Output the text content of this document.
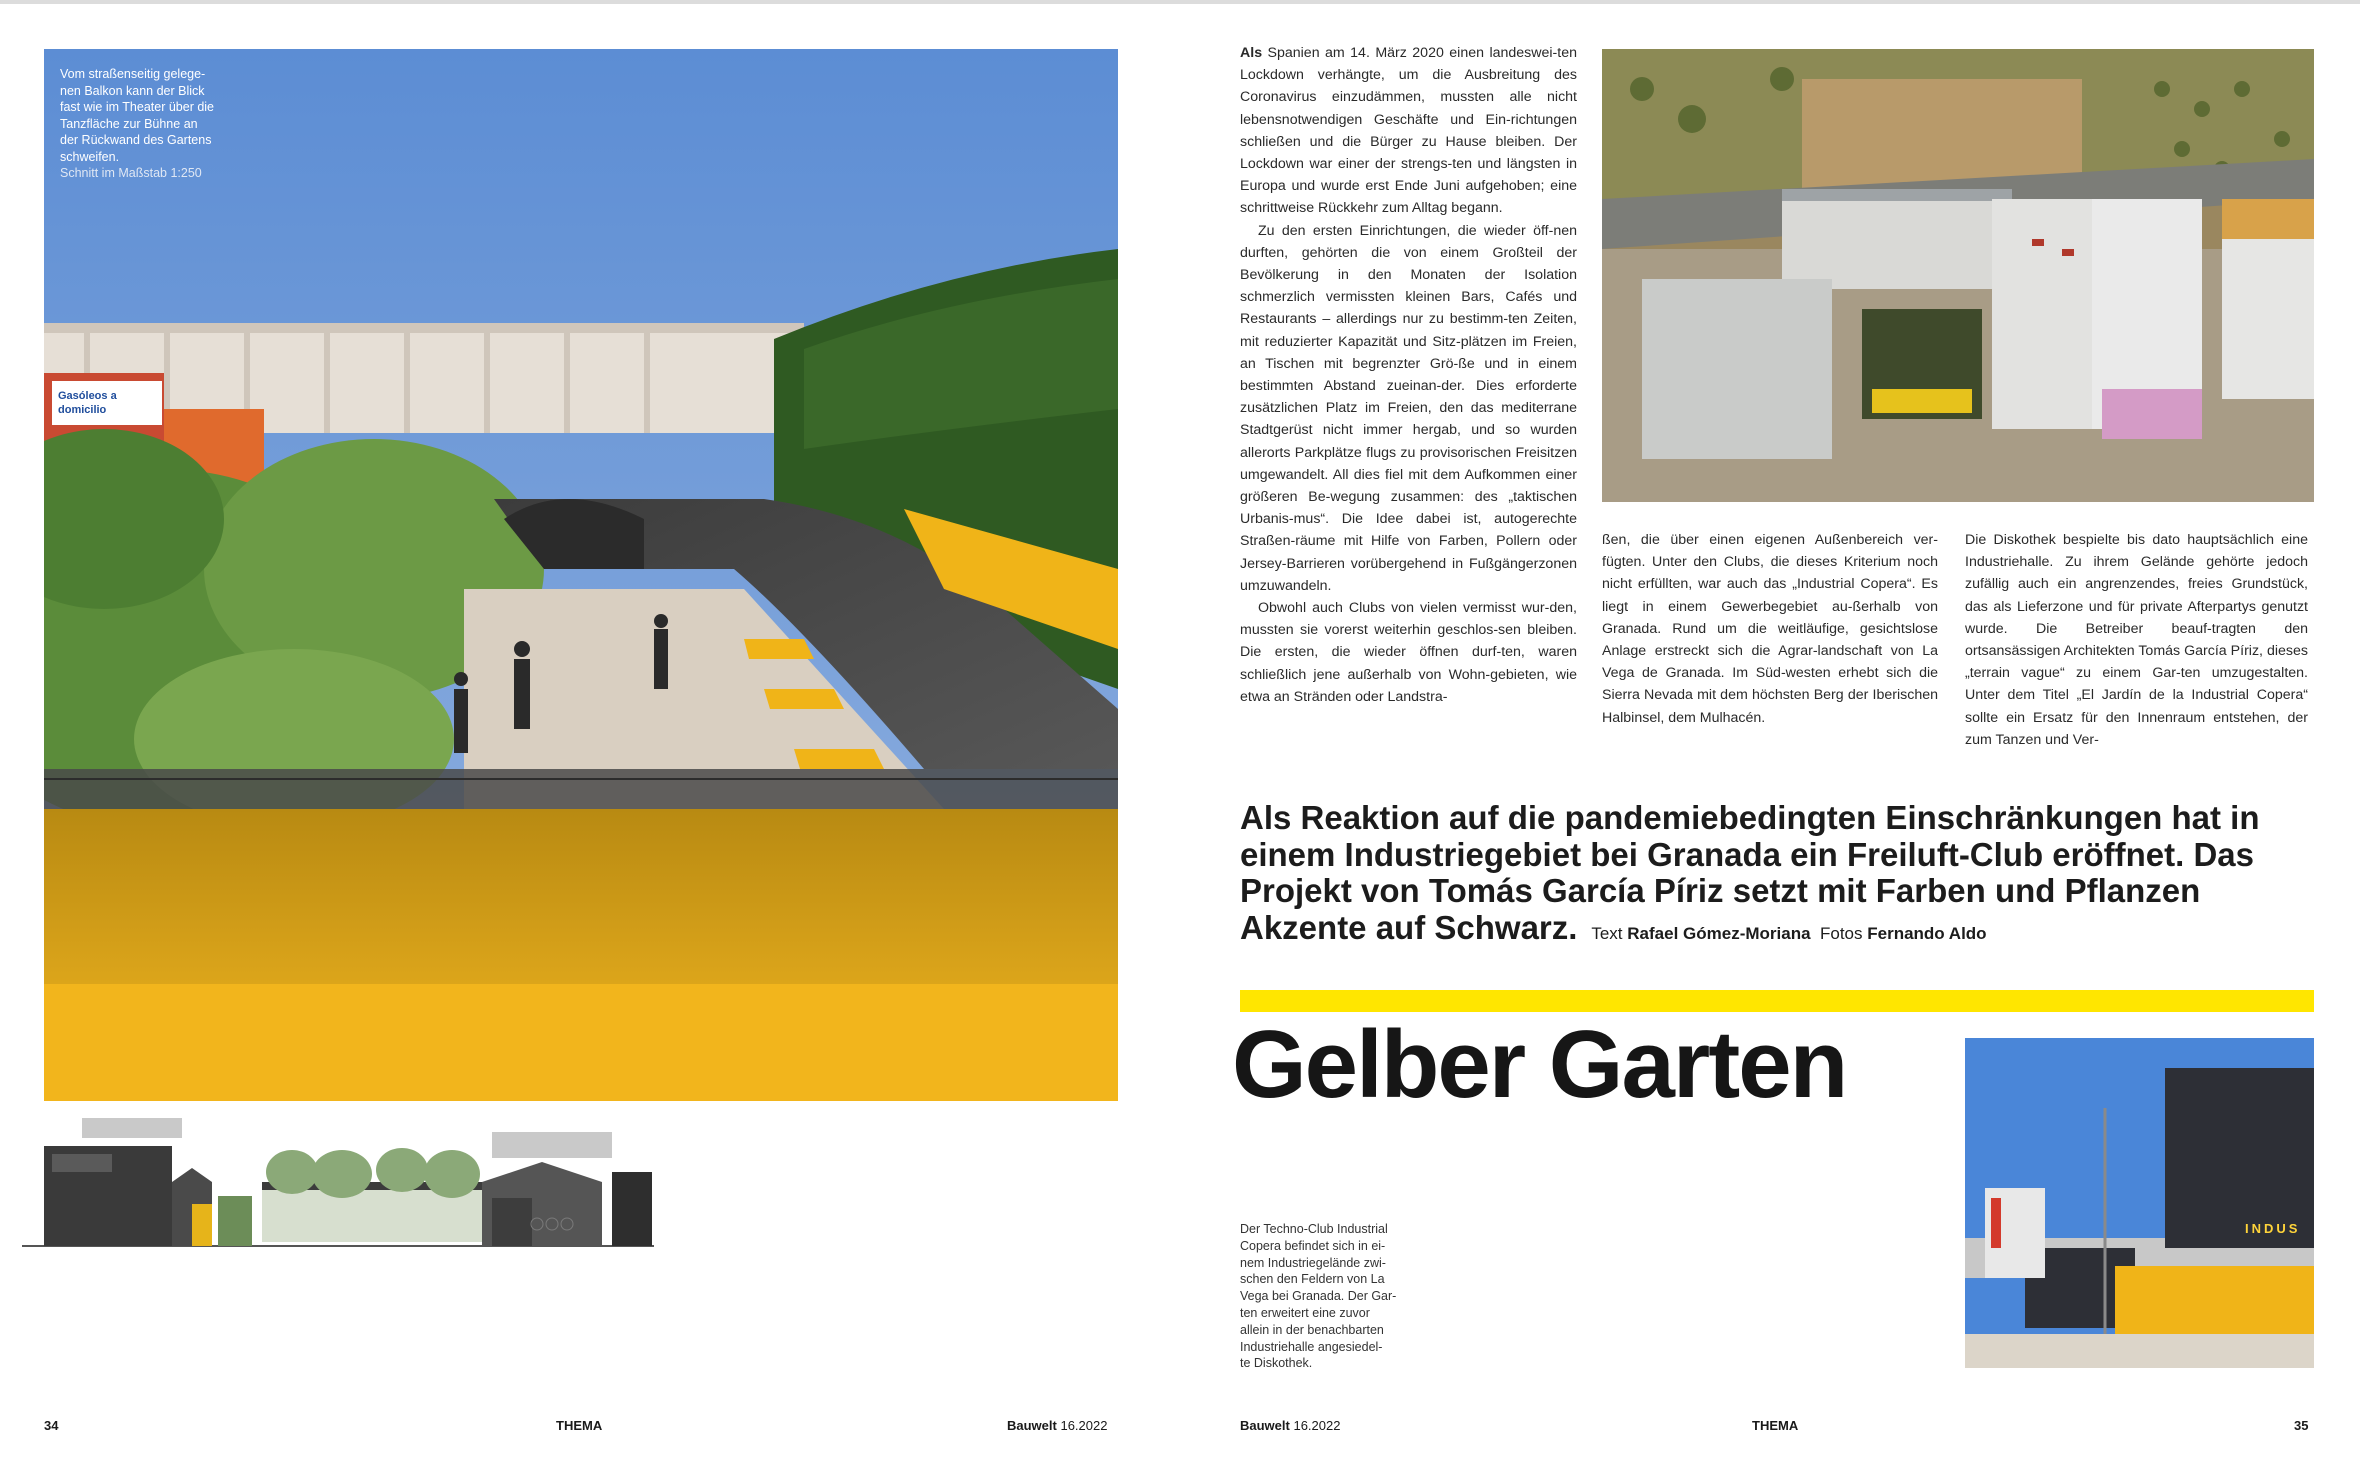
Gasóleos a
domicilio
Vom straßenseitig gelege-
nen Balkon kann der Blick
fast wie im Theater über die
Tanzfläche zur Bühne an
der Rückwand des Gartens
schweifen.
Schnitt im Maßstab 1:250
34	THEMA	Bauwelt 16.2022

Als Spanien am 14. März 2020 einen landeswei-ten Lockdown verhängte, um die Ausbreitung des Coronavirus einzudämmen, mussten alle nicht lebensnotwendigen Geschäfte und Ein-richtungen schließen und die Bürger zu Hause bleiben. Der Lockdown war einer der strengs-ten und längsten in Europa und wurde erst Ende Juni aufgehoben; eine schrittweise Rückkehr zum Alltag begann.

Zu den ersten Einrichtungen, die wieder öff-nen durften, gehörten die von einem Großteil der Bevölkerung in den Monaten der Isolation schmerzlich vermissten kleinen Bars, Cafés und Restaurants – allerdings nur zu bestimm-ten Zeiten, mit reduzierter Kapazität und Sitz-plätzen im Freien, an Tischen mit begrenzter Grö-ße und in einem bestimmten Abstand zueinan-der. Dies erforderte zusätzlichen Platz im Freien, den das mediterrane Stadtgerüst nicht immer hergab, und so wurden allerorts Parkplätze flugs zu provisorischen Freisitzen umgewandelt. All dies fiel mit dem Aufkommen einer größeren Be-wegung zusammen: des „taktischen Urbanis-mus“. Die Idee dabei ist, autogerechte Straßen-räume mit Hilfe von Farben, Pollern oder Jersey-Barrieren vorübergehend in Fußgängerzonen umzuwandeln.

Obwohl auch Clubs von vielen vermisst wur-den, mussten sie vorerst weiterhin geschlos-sen bleiben. Die ersten, die wieder öffnen durf-ten, waren schließlich jene außerhalb von Wohn-gebieten, wie etwa an Stränden oder Landstra-

ßen, die über einen eigenen Außenbereich ver-fügten. Unter den Clubs, die dieses Kriterium noch nicht erfüllten, war auch das „Industrial Copera“. Es liegt in einem Gewerbegebiet au-ßerhalb von Granada. Rund um die weitläufige, gesichtslose Anlage erstreckt sich die Agrar-landschaft von La Vega de Granada. Im Süd-westen erhebt sich die Sierra Nevada mit dem höchsten Berg der Iberischen Halbinsel, dem Mulhacén.

Die Diskothek bespielte bis dato hauptsächlich eine Industriehalle. Zu ihrem Gelände gehörte jedoch zufällig auch ein angrenzendes, freies Grundstück, das als Lieferzone und für private Afterpartys genutzt wurde. Die Betreiber beauf-tragten den ortsansässigen Architekten Tomás García Píriz, dieses „terrain vague“ zu einem Gar-ten umzugestalten. Unter dem Titel „El Jardín de la Industrial Copera“ sollte ein Ersatz für den Innenraum entstehen, der zum Tanzen und Ver-

Als Reaktion auf die pandemiebedingten Einschränkungen hat in einem Industriegebiet bei Granada ein Freiluft-Club eröffnet. Das Projekt von Tomás García Píriz setzt mit Farben und Pflanzen Akzente auf Schwarz. Text Rafael Gómez-Moriana Fotos Fernando Aldo
Gelber Garten
Der Techno-Club Industrial
Copera befindet sich in ei-
nem Industriegelände zwi-
schen den Feldern von La
Vega bei Granada. Der Gar-
ten erweitert eine zuvor
allein in der benachbarten
Industriehalle angesiedel-
te Diskothek.
INDUS
Bauwelt 16.2022	THEMA	35
